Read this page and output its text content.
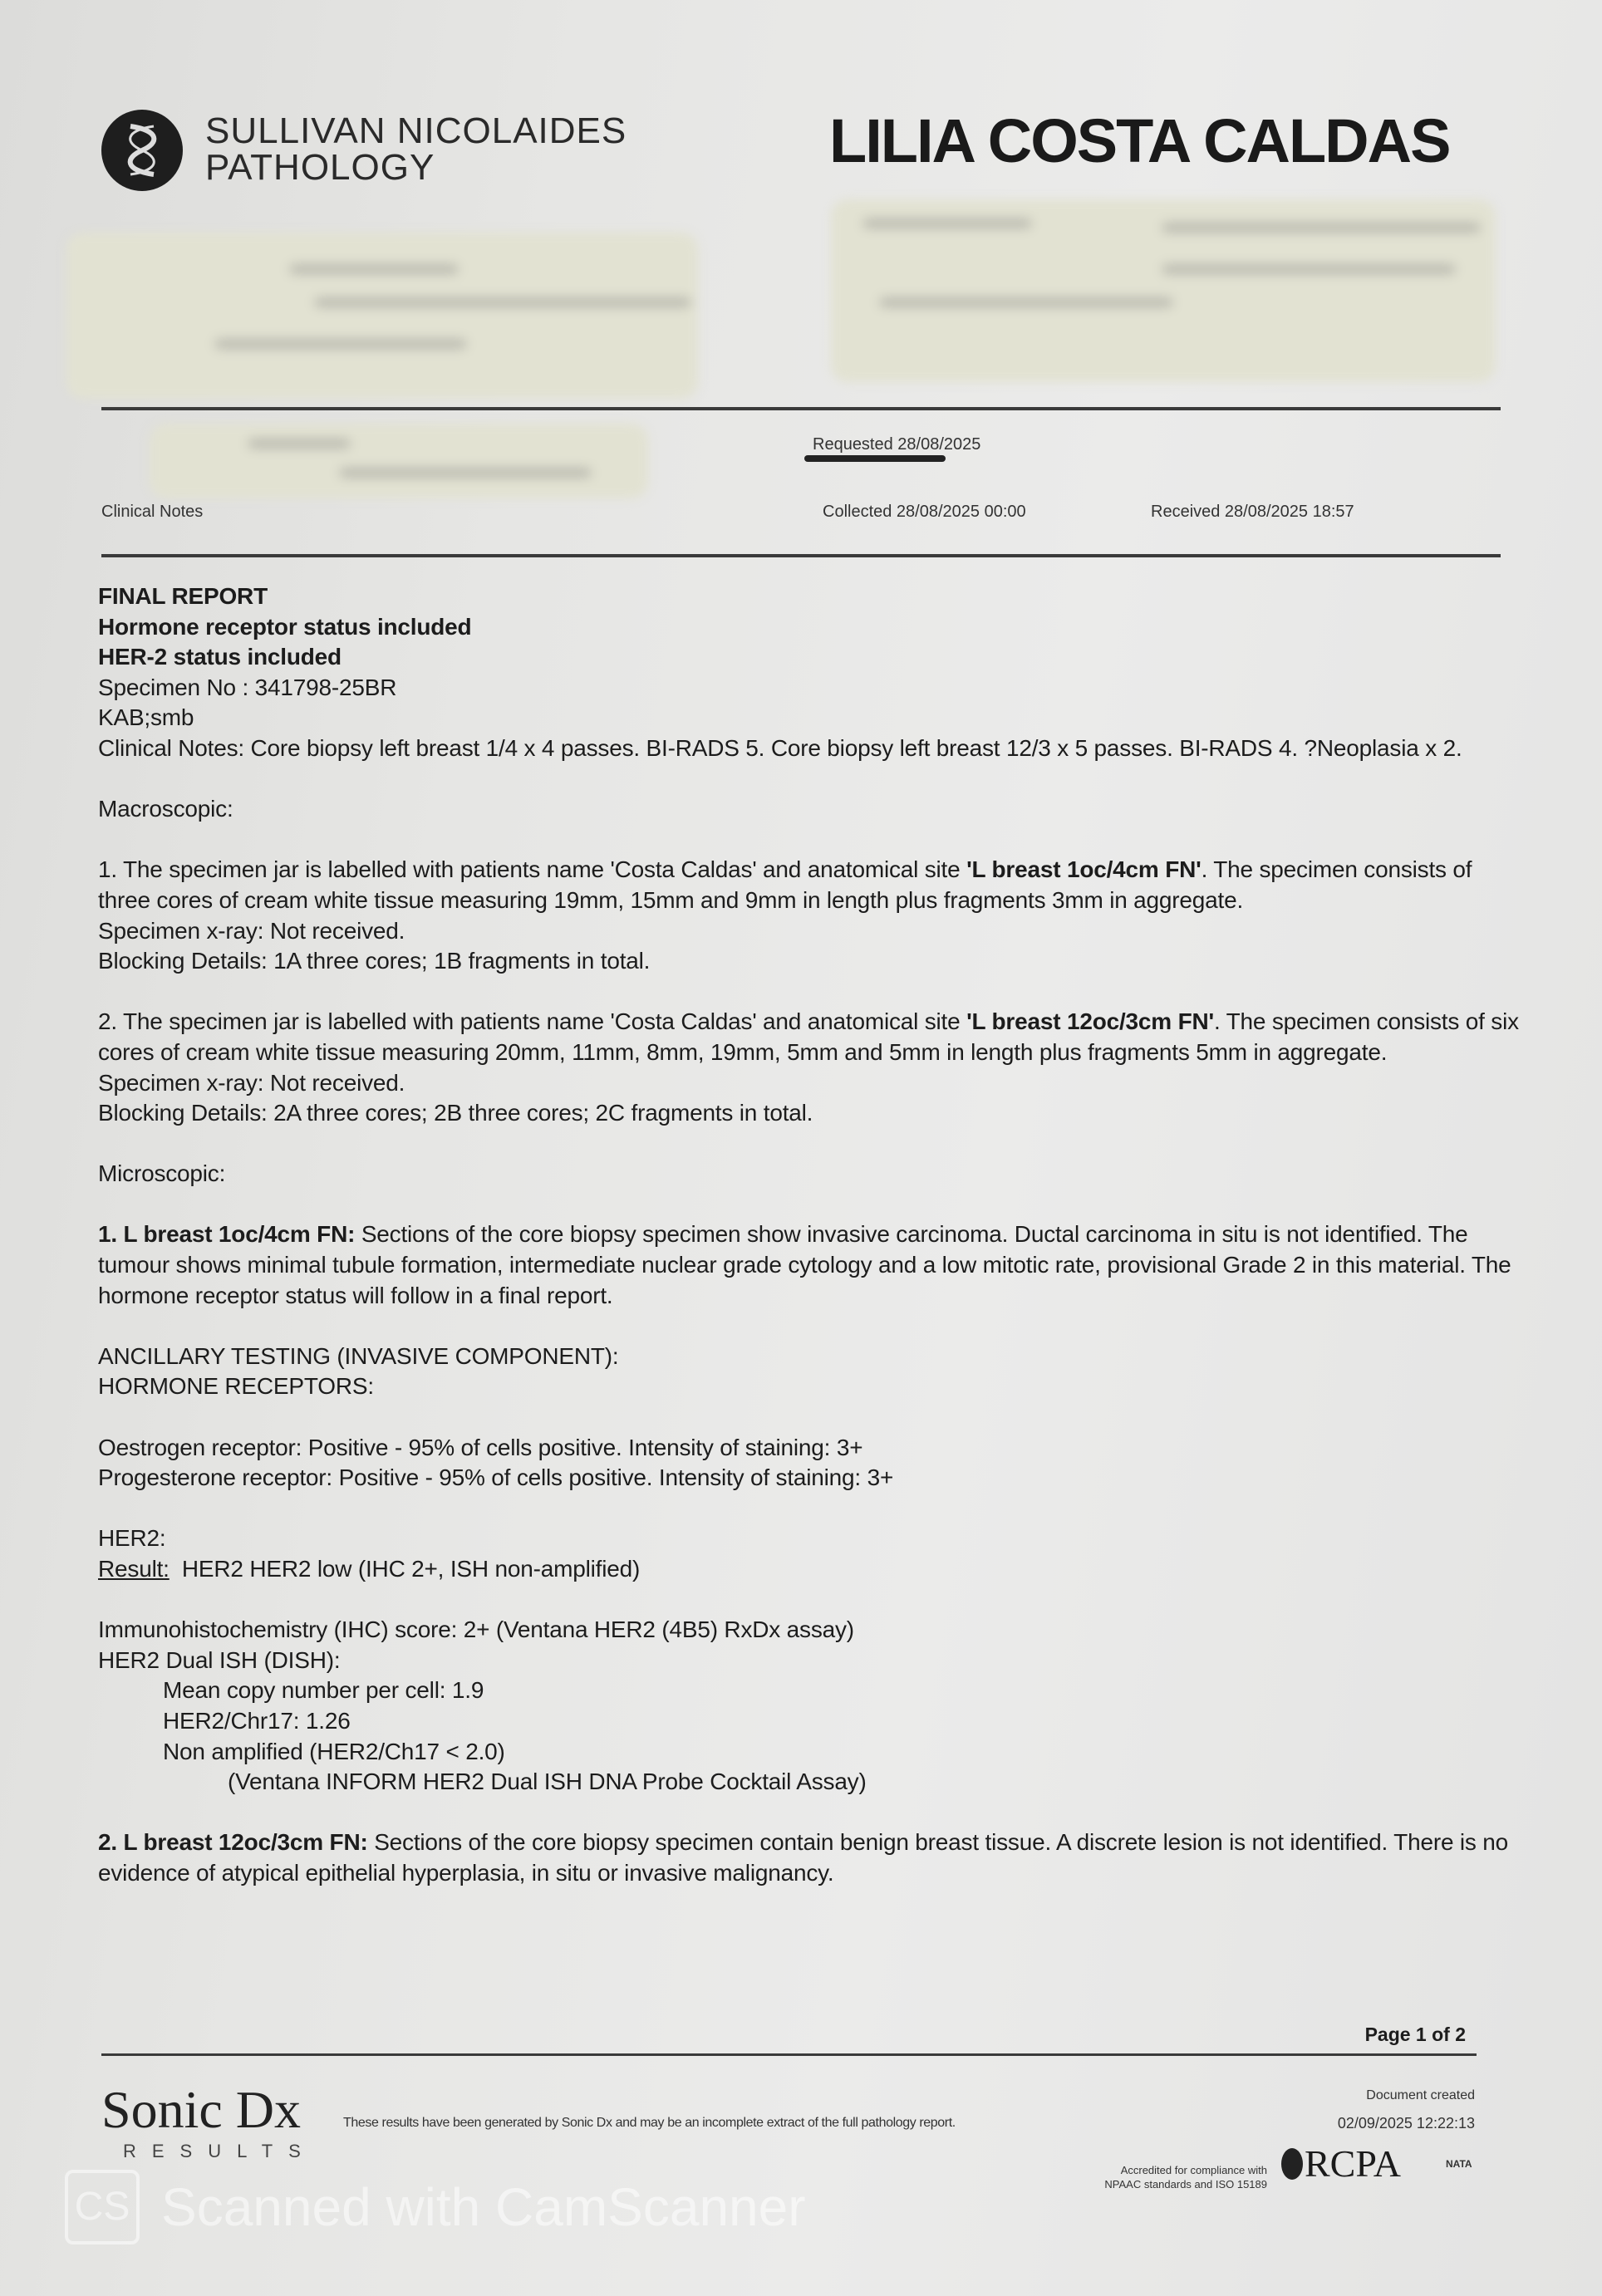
SULLIVAN NICOLAIDES
PATHOLOGY	LILIA COSTA CALDAS
Requested 28/08/2025
Clinical Notes	Collected 28/08/2025 00:00	Received 28/08/2025 18:57
FINAL REPORT
Hormone receptor status included
HER-2 status included
Specimen No : 341798-25BR
KAB;smb
Clinical Notes: Core biopsy left breast 1/4 x 4 passes. BI-RADS 5. Core biopsy left breast 12/3 x 5 passes. BI-RADS 4. ?Neoplasia x 2.
Macroscopic:
1. The specimen jar is labelled with patients name 'Costa Caldas' and anatomical site 'L breast 1oc/4cm FN'. The specimen consists of three cores of cream white tissue measuring 19mm, 15mm and 9mm in length plus fragments 3mm in aggregate.
Specimen x-ray: Not received.
Blocking Details: 1A three cores; 1B fragments in total.
2. The specimen jar is labelled with patients name 'Costa Caldas' and anatomical site 'L breast 12oc/3cm FN'. The specimen consists of six cores of cream white tissue measuring 20mm, 11mm, 8mm, 19mm, 5mm and 5mm in length plus fragments 5mm in aggregate.
Specimen x-ray: Not received.
Blocking Details: 2A three cores; 2B three cores; 2C fragments in total.
Microscopic:
1. L breast 1oc/4cm FN: Sections of the core biopsy specimen show invasive carcinoma. Ductal carcinoma in situ is not identified. The tumour shows minimal tubule formation, intermediate nuclear grade cytology and a low mitotic rate, provisional Grade 2 in this material. The hormone receptor status will follow in a final report.
ANCILLARY TESTING (INVASIVE COMPONENT):
HORMONE RECEPTORS:
Oestrogen receptor: Positive - 95% of cells positive. Intensity of staining: 3+
Progesterone receptor: Positive - 95% of cells positive. Intensity of staining: 3+
HER2:
Result:  HER2 HER2 low (IHC 2+, ISH non-amplified)
Immunohistochemistry (IHC) score: 2+ (Ventana HER2 (4B5) RxDx assay)
HER2 Dual ISH (DISH):
Mean copy number per cell: 1.9
HER2/Chr17: 1.26
Non amplified (HER2/Ch17 < 2.0)
(Ventana INFORM HER2 Dual ISH DNA Probe Cocktail Assay)
2. L breast 12oc/3cm FN: Sections of the core biopsy specimen contain benign breast tissue. A discrete lesion is not identified. There is no evidence of atypical epithelial hyperplasia, in situ or invasive malignancy.
Page 1 of 2
Sonic Dx
RESULTS
These results have been generated by Sonic Dx and may be an incomplete extract of the full pathology report.
Document created
02/09/2025 12:22:13
Accredited for compliance with
NPAAC standards and ISO 15189 RCPA	NATA
CS Scanned with CamScanner
